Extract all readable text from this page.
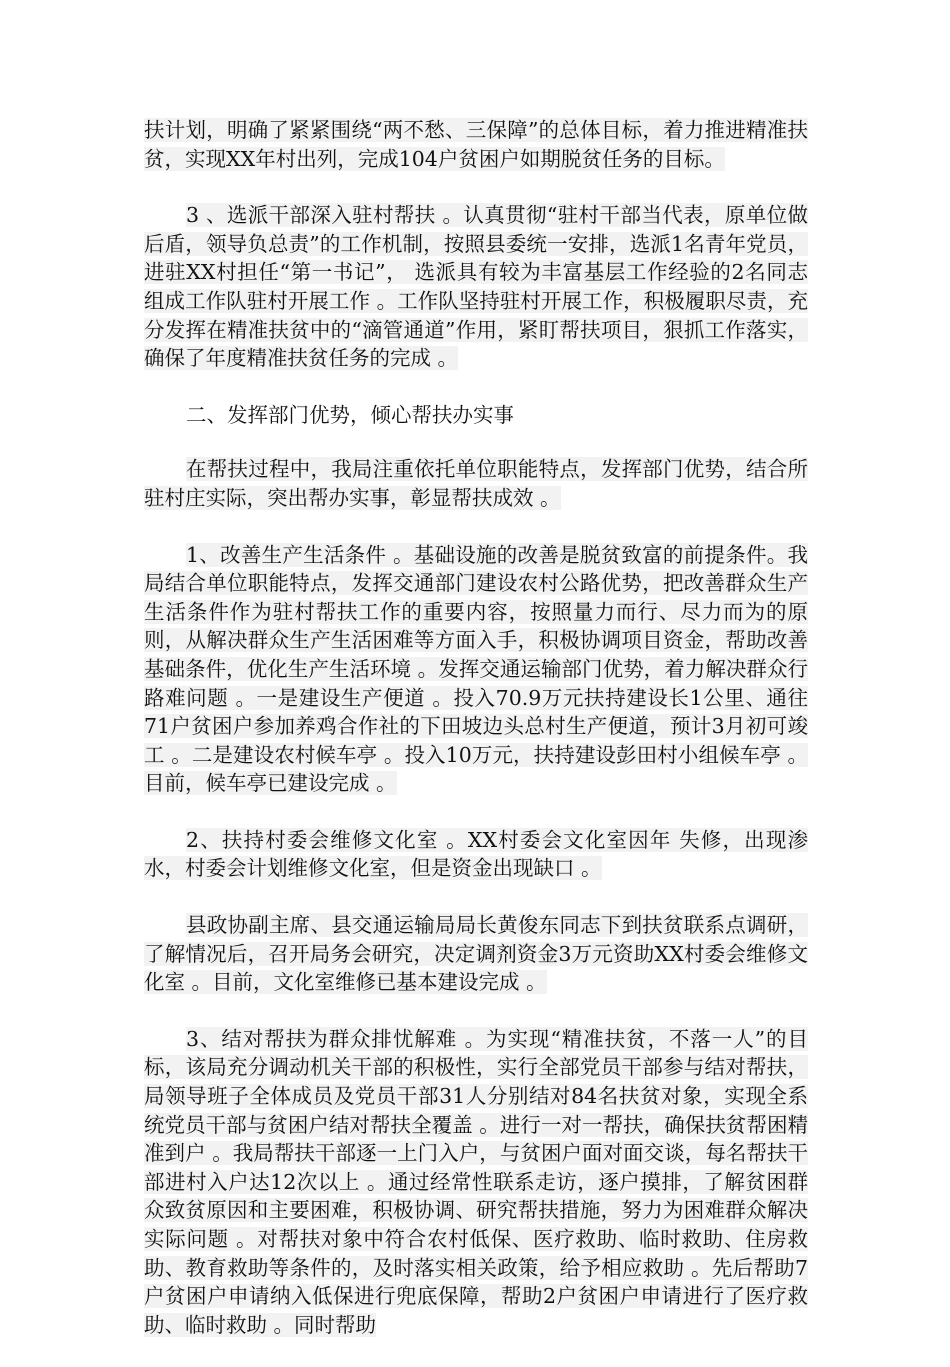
扶计划，明确了紧紧围绕“两不愁、三保障”的总体目标，着力推进精准扶贫，实现XX年村出列，完成104户贫困户如期脱贫任务的目标。

3 、选派干部深入驻村帮扶 。认真贯彻“驻村干部当代表，原单位做后盾，领导负总责”的工作机制，按照县委统一安排，选派1名青年党员，进驻XX村担任“第一书记”， 选派具有较为丰富基层工作经验的2名同志组成工作队驻村开展工作 。工作队坚持驻村开展工作，积极履职尽责，充分发挥在精准扶贫中的“滴管通道”作用，紧盯帮扶项目，狠抓工作落实，确保了年度精准扶贫任务的完成 。

二、发挥部门优势，倾心帮扶办实事

在帮扶过程中，我局注重依托单位职能特点，发挥部门优势，结合所驻村庄实际，突出帮办实事，彰显帮扶成效 。

1、改善生产生活条件 。基础设施的改善是脱贫致富的前提条件。我局结合单位职能特点，发挥交通部门建设农村公路优势，把改善群众生产生活条件作为驻村帮扶工作的重要内容，按照量力而行、尽力而为的原则，从解决群众生产生活困难等方面入手，积极协调项目资金，帮助改善基础条件，优化生产生活环境 。发挥交通运输部门优势，着力解决群众行路难问题 。一是建设生产便道 。投入70.9万元扶持建设长1公里、通往71户贫困户参加养鸡合作社的下田坡边头总村生产便道，预计3月初可竣工 。二是建设农村候车亭 。投入10万元，扶持建设彭田村小组候车亭 。目前，候车亭已建设完成 。

2、扶持村委会维修文化室 。XX村委会文化室因年 失修，出现渗水，村委会计划维修文化室，但是资金出现缺口 。

县政协副主席、县交通运输局局长黄俊东同志下到扶贫联系点调研，了解情况后，召开局务会研究，决定调剂资金3万元资助XX村委会维修文化室 。目前，文化室维修已基本建设完成 。

3、结对帮扶为群众排忧解难 。为实现“精准扶贫，不落一人”的目标，该局充分调动机关干部的积极性，实行全部党员干部参与结对帮扶，局领导班子全体成员及党员干部31人分别结对84名扶贫对象，实现全系统党员干部与贫困户结对帮扶全覆盖 。进行一对一帮扶，确保扶贫帮困精准到户 。我局帮扶干部逐一上门入户，与贫困户面对面交谈，每名帮扶干部进村入户达12次以上 。通过经常性联系走访，逐户摸排，了解贫困群众致贫原因和主要困难，积极协调、研究帮扶措施，努力为困难群众解决实际问题 。对帮扶对象中符合农村低保、医疗救助、临时救助、住房救助、教育救助等条件的，及时落实相关政策，给予相应救助 。先后帮助7户贫困户申请纳入低保进行兜底保障，帮助2户贫困户申请进行了医疗救助、临时救助 。同时帮助
